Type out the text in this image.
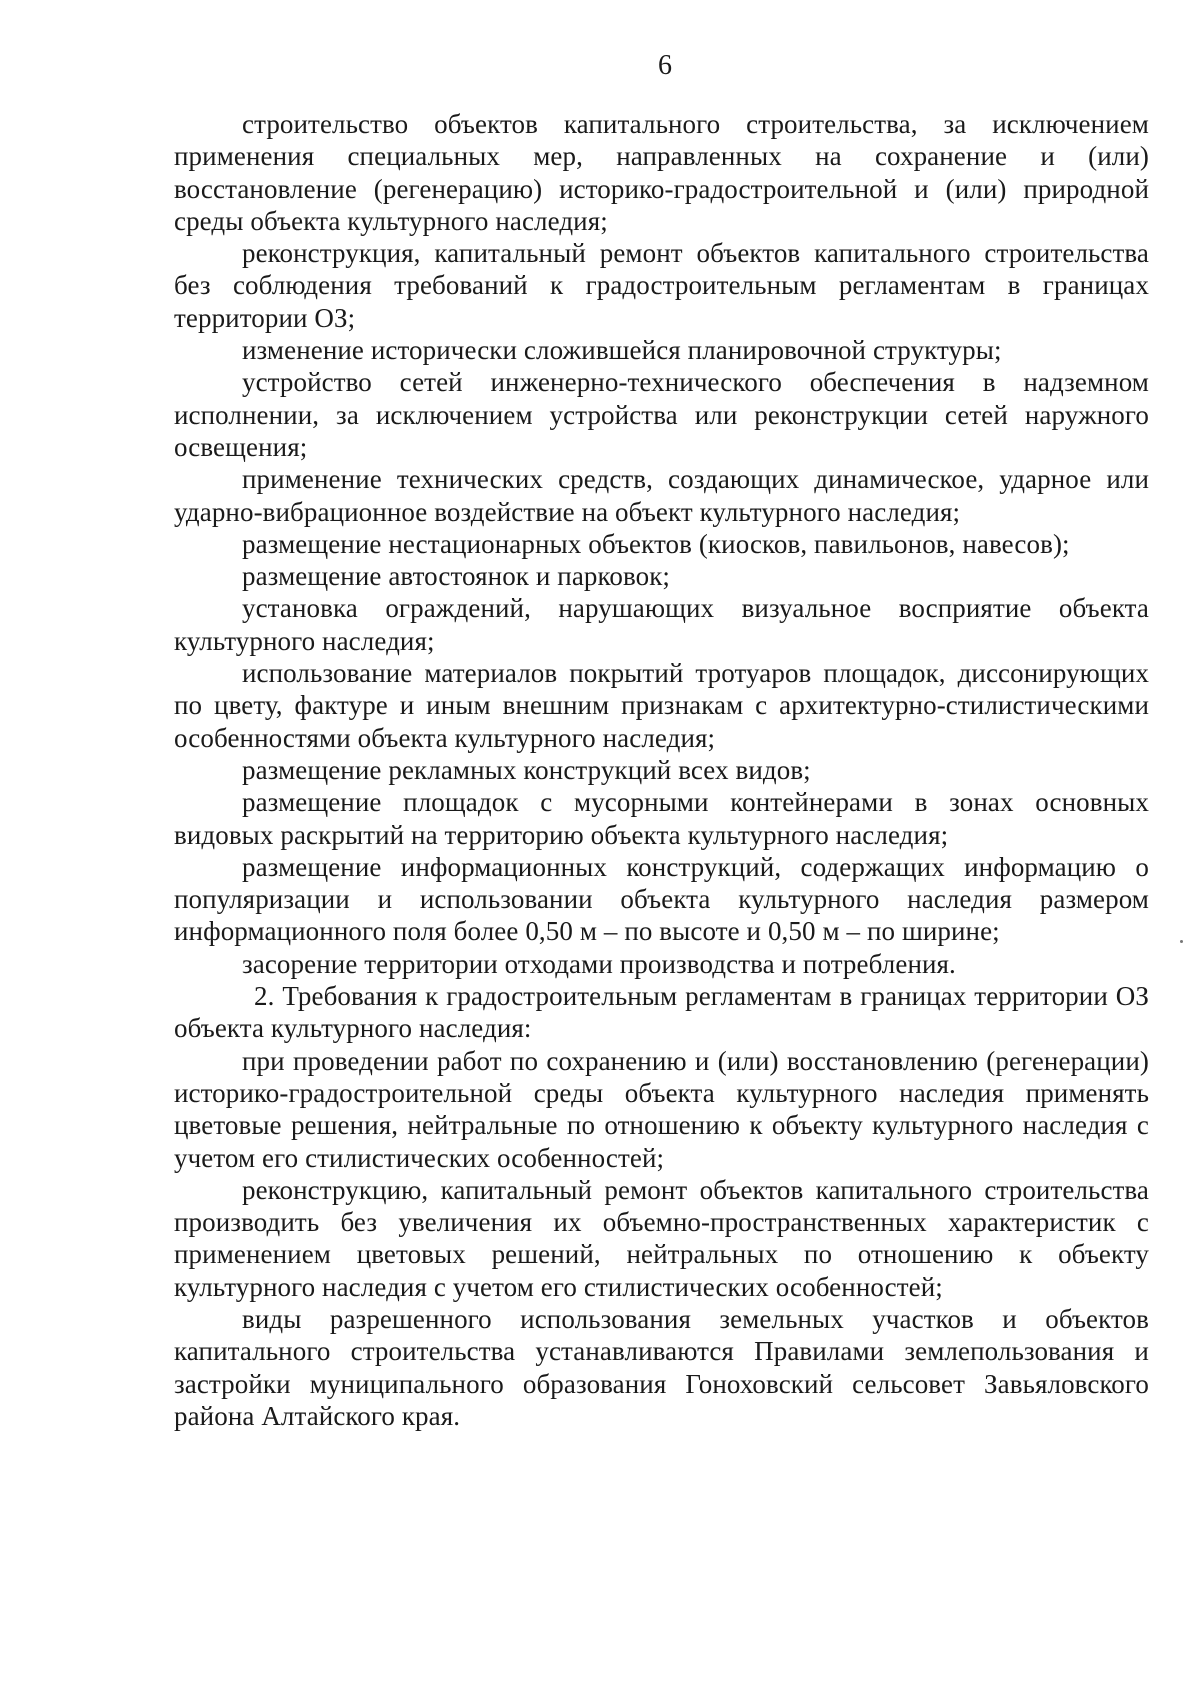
6

строительство объектов капитального строительства, за исключением применения специальных мер, направленных на сохранение и (или) восстановление (регенерацию) историко-градостроительной и (или) природной среды объекта культурного наследия;

реконструкция, капитальный ремонт объектов капитального строительства без соблюдения требований к градостроительным регламентам в границах территории ОЗ;

изменение исторически сложившейся планировочной структуры;

устройство сетей инженерно-технического обеспечения в надземном исполнении, за исключением устройства или реконструкции сетей наружного освещения;

применение технических средств, создающих динамическое, ударное или ударно-вибрационное воздействие на объект культурного наследия;

размещение нестационарных объектов (киосков, павильонов, навесов);

размещение автостоянок и парковок;

установка ограждений, нарушающих визуальное восприятие объекта культурного наследия;

использование материалов покрытий тротуаров площадок, диссонирующих по цвету, фактуре и иным внешним признакам с архитектурно-стилистическими особенностями объекта культурного наследия;

размещение рекламных конструкций всех видов;

размещение площадок с мусорными контейнерами в зонах основных видовых раскрытий на территорию объекта культурного наследия;

размещение информационных конструкций, содержащих информацию о популяризации и использовании объекта культурного наследия размером информационного поля более 0,50 м – по высоте и 0,50 м – по ширине;

засорение территории отходами производства и потребления.

2. Требования к градостроительным регламентам в границах территории ОЗ объекта культурного наследия:

при проведении работ по сохранению и (или) восстановлению (регенерации) историко-градостроительной среды объекта культурного наследия применять цветовые решения, нейтральные по отношению к объекту культурного наследия с учетом его стилистических особенностей;

реконструкцию, капитальный ремонт объектов капитального строительства производить без увеличения их объемно-пространственных характеристик с применением цветовых решений, нейтральных по отношению к объекту культурного наследия с учетом его стилистических особенностей;

виды разрешенного использования земельных участков и объектов капитального строительства устанавливаются Правилами землепользования и застройки муниципального образования Гоноховский сельсовет Завьяловского района Алтайского края.
